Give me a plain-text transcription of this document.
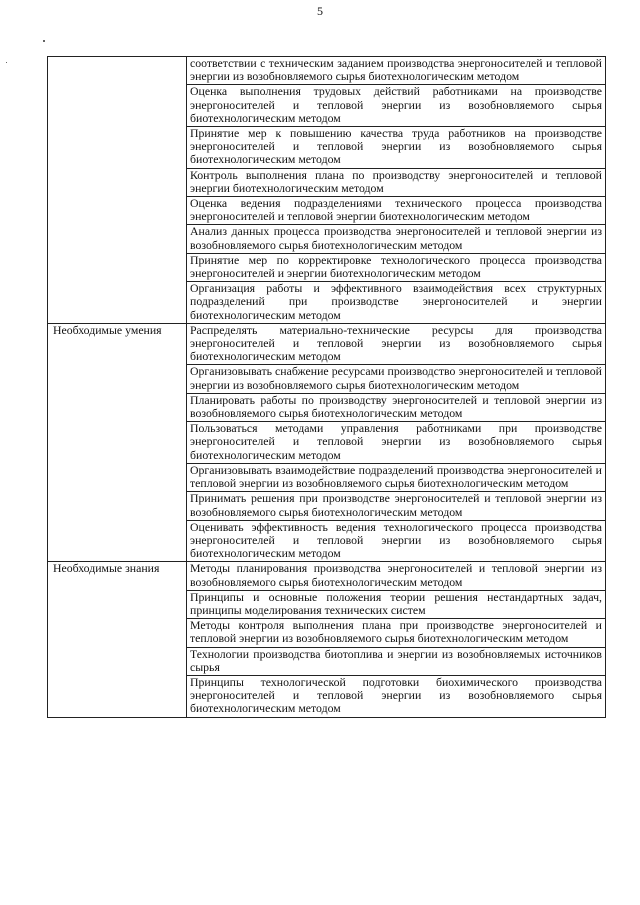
5
	соответствии с техническим заданием производства энергоносителей и тепловой энергии из возобновляемого сырья биотехнологическим методом
	Оценка выполнения трудовых действий работниками на производстве энергоносителей и тепловой энергии из возобновляемого сырья биотехнологическим методом
	Принятие мер к повышению качества труда работников на производстве энергоносителей и тепловой энергии из возобновляемого сырья биотехнологическим методом
	Контроль выполнения плана по производству энергоносителей и тепловой энергии биотехнологическим методом
	Оценка ведения подразделениями технического процесса производства энергоносителей и тепловой энергии биотехнологическим методом
	Анализ данных процесса производства энергоносителей и тепловой энергии из возобновляемого сырья биотехнологическим методом
	Принятие мер по корректировке технологического процесса производства энергоносителей и энергии биотехнологическим методом
	Организация работы и эффективного взаимодействия всех структурных подразделений при производстве энергоносителей и энергии биотехнологическим методом
Необходимые умения	Распределять материально-технические ресурсы для производства энергоносителей и тепловой энергии из возобновляемого сырья биотехнологическим методом
	Организовывать снабжение ресурсами производство энергоносителей и тепловой энергии из возобновляемого сырья биотехнологическим методом
	Планировать работы по производству энергоносителей и тепловой энергии из возобновляемого сырья биотехнологическим методом
	Пользоваться методами управления работниками при производстве энергоносителей и тепловой энергии из возобновляемого сырья биотехнологическим методом
	Организовывать взаимодействие подразделений производства энергоносителей и тепловой энергии из возобновляемого сырья биотехнологическим методом
	Принимать решения при производстве энергоносителей и тепловой энергии из возобновляемого сырья биотехнологическим методом
	Оценивать эффективность ведения технологического процесса производства энергоносителей и тепловой энергии из возобновляемого сырья биотехнологическим методом
Необходимые знания	Методы планирования производства энергоносителей и тепловой энергии из возобновляемого сырья биотехнологическим методом
	Принципы и основные положения теории решения нестандартных задач, принципы моделирования технических систем
	Методы контроля выполнения плана при производстве энергоносителей и тепловой энергии из возобновляемого сырья биотехнологическим методом
	Технологии производства биотоплива и энергии из возобновляемых источников сырья
	Принципы технологической подготовки биохимического производства энергоносителей и тепловой энергии из возобновляемого сырья биотехнологическим методом
